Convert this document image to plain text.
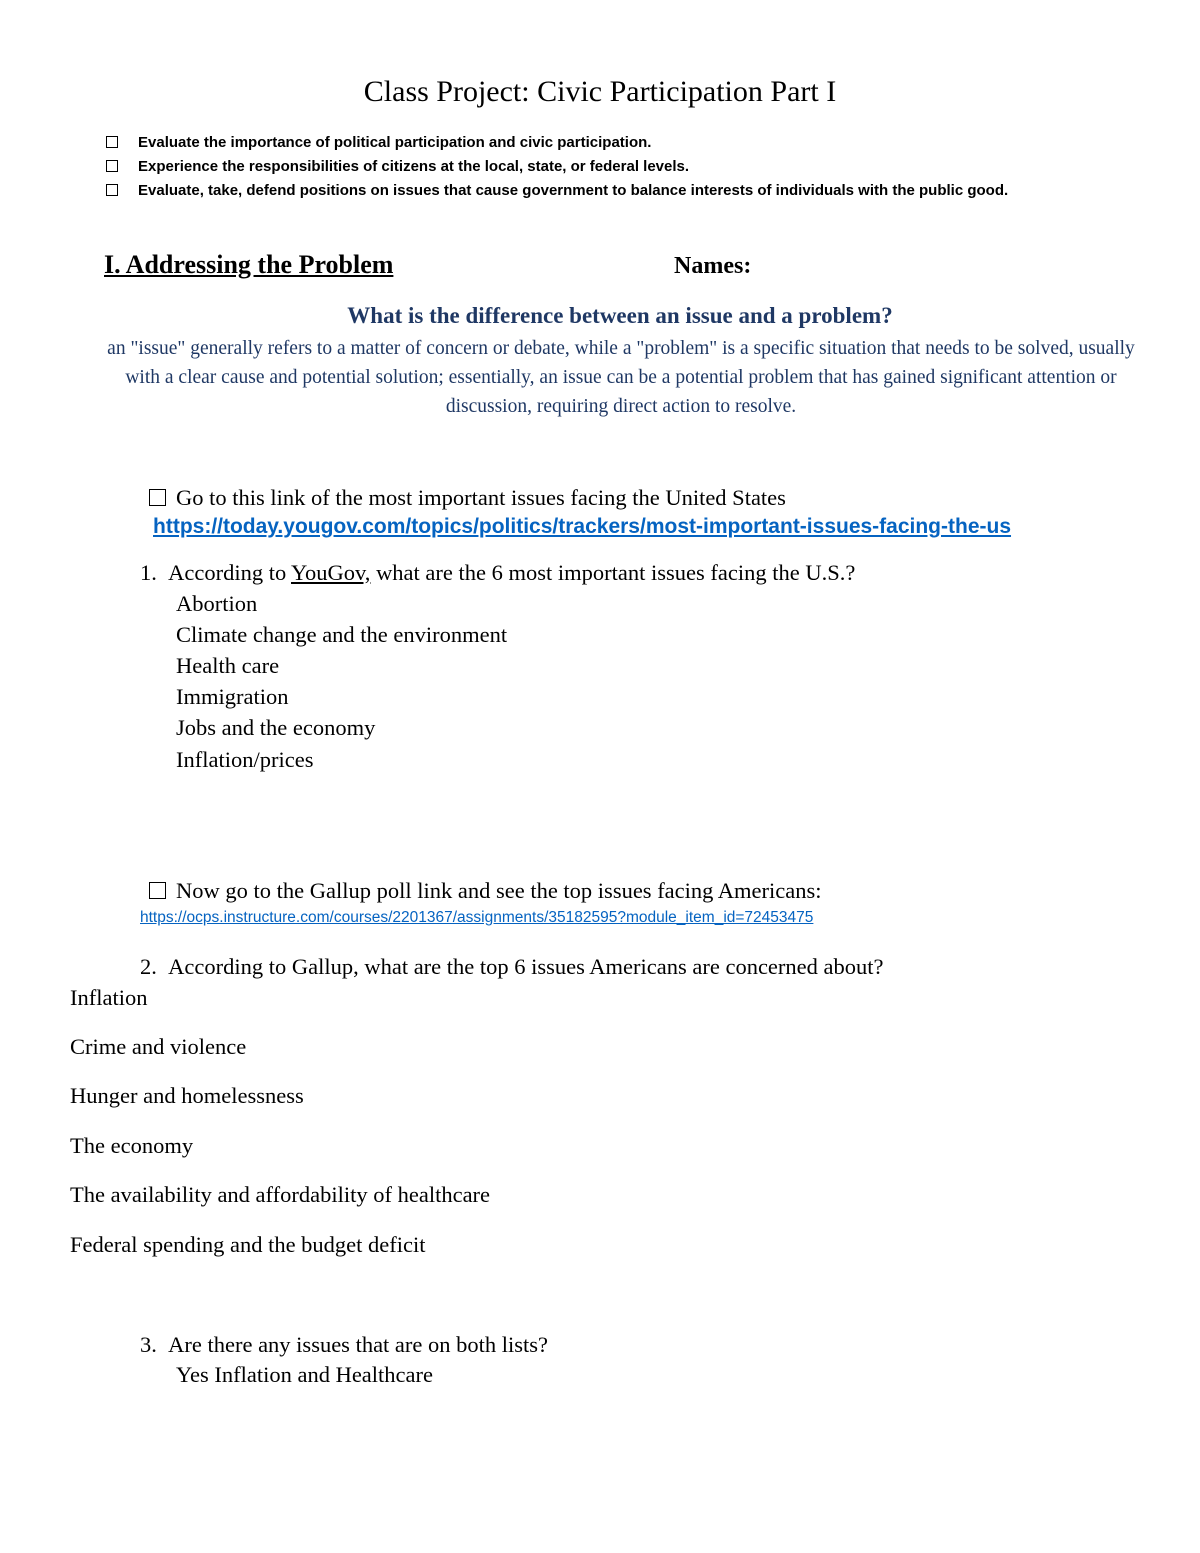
Class Project: Civic Participation Part I
Evaluate the importance of political participation and civic participation.
Experience the responsibilities of citizens at the local, state, or federal levels.
Evaluate, take, defend positions on issues that cause government to balance interests of individuals with the public good.
I. Addressing the Problem	Names:
What is the difference between an issue and a problem?
an "issue" generally refers to a matter of concern or debate, while a "problem" is a specific situation that needs to be solved, usually with a clear cause and potential solution; essentially, an issue can be a potential problem that has gained significant attention or discussion, requiring direct action to resolve.
Go to this link of the most important issues facing the United States
https://today.yougov.com/topics/politics/trackers/most-important-issues-facing-the-us
1. According to YouGov, what are the 6 most important issues facing the U.S.?
Abortion
Climate change and the environment
Health care
Immigration
Jobs and the economy
Inflation/prices
Now go to the Gallup poll link and see the top issues facing Americans:
https://ocps.instructure.com/courses/2201367/assignments/35182595?module_item_id=72453475
2. According to Gallup, what are the top 6 issues Americans are concerned about?
Inflation
Crime and violence
Hunger and homelessness
The economy
The availability and affordability of healthcare
Federal spending and the budget deficit
3. Are there any issues that are on both lists?
Yes Inflation and Healthcare
